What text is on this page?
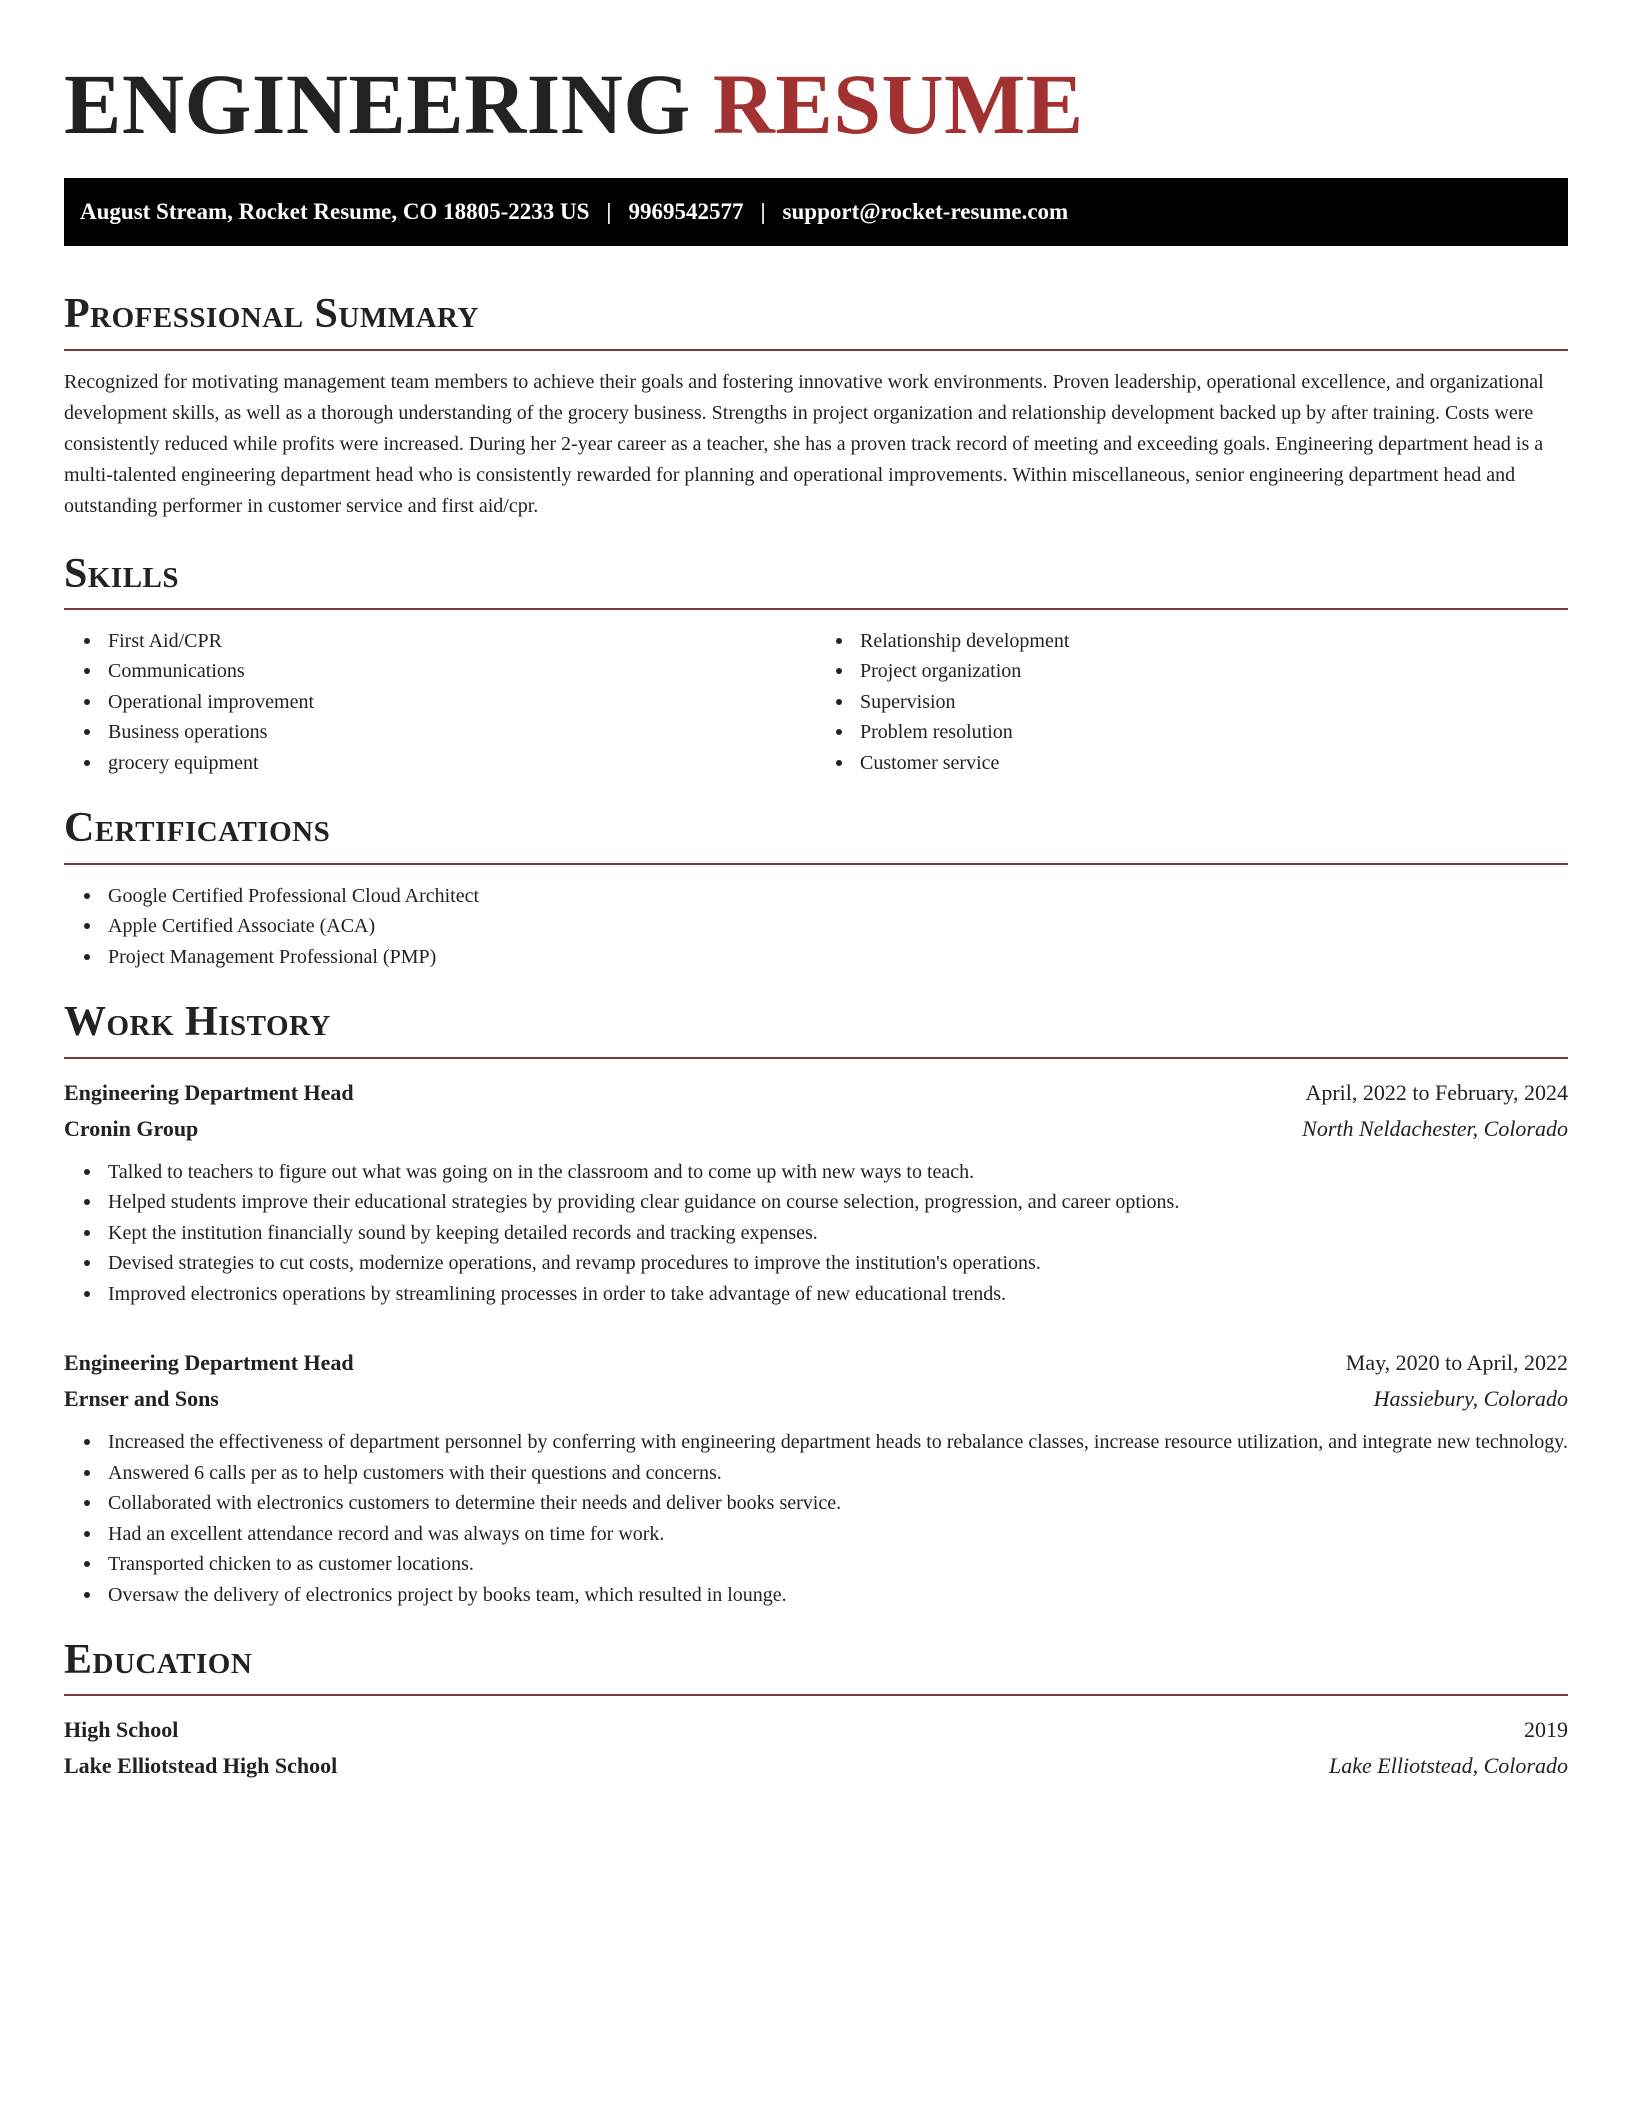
ENGINEERING RESUME
August Stream, Rocket Resume, CO 18805-2233 US | 9969542577 | support@rocket-resume.com
Professional Summary

Recognized for motivating management team members to achieve their goals and fostering innovative work environments. Proven leadership, operational excellence, and organizational development skills, as well as a thorough understanding of the grocery business. Strengths in project organization and relationship development backed up by after training. Costs were consistently reduced while profits were increased. During her 2-year career as a teacher, she has a proven track record of meeting and exceeding goals. Engineering department head is a multi-talented engineering department head who is consistently rewarded for planning and operational improvements. Within miscellaneous, senior engineering department head and outstanding performer in customer service and first aid/cpr.

Skills
First Aid/CPR
Communications
Operational improvement
Business operations
grocery equipment
Relationship development
Project organization
Supervision
Problem resolution
Customer service
Certifications
Google Certified Professional Cloud Architect
Apple Certified Associate (ACA)
Project Management Professional (PMP)
Work History
Engineering Department Head	April, 2022 to February, 2024
Cronin Group	North Neldachester, Colorado
Talked to teachers to figure out what was going on in the classroom and to come up with new ways to teach.
Helped students improve their educational strategies by providing clear guidance on course selection, progression, and career options.
Kept the institution financially sound by keeping detailed records and tracking expenses.
Devised strategies to cut costs, modernize operations, and revamp procedures to improve the institution's operations.
Improved electronics operations by streamlining processes in order to take advantage of new educational trends.
Engineering Department Head	May, 2020 to April, 2022
Ernser and Sons	Hassiebury, Colorado
Increased the effectiveness of department personnel by conferring with engineering department heads to rebalance classes, increase resource utilization, and integrate new technology.
Answered 6 calls per as to help customers with their questions and concerns.
Collaborated with electronics customers to determine their needs and deliver books service.
Had an excellent attendance record and was always on time for work.
Transported chicken to as customer locations.
Oversaw the delivery of electronics project by books team, which resulted in lounge.
Education
High School	2019
Lake Elliotstead High School	Lake Elliotstead, Colorado
